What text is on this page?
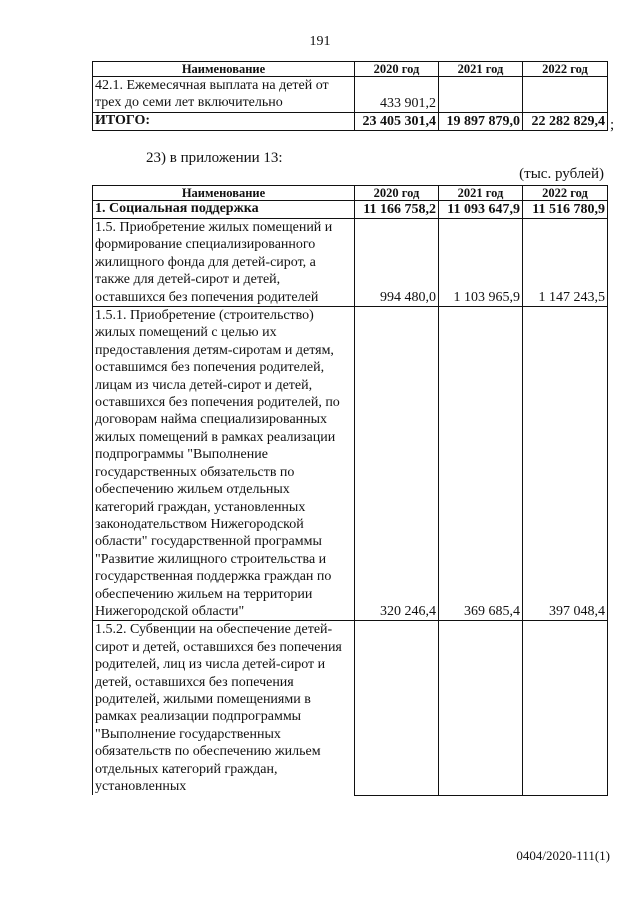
191
Наименование	2020 год	2021 год	2022 год
42.1. Ежемесячная выплата на детей от трех до семи лет включительно	433 901,2		
ИТОГО:	23 405 301,4	19 897 879,0	22 282 829,4 ;
23) в приложении 13:
(тыс. рублей)
Наименование	2020 год	2021 год	2022 год
1. Социальная поддержка	11 166 758,2	11 093 647,9	11 516 780,9
1.5. Приобретение жилых помещений и формирование специализированного жилищного фонда для детей-сирот, а также для детей-сирот и детей, оставшихся без попечения родителей	994 480,0	1 103 965,9	1 147 243,5
1.5.1. Приобретение (строительство) жилых помещений с целью их предоставления детям-сиротам и детям, оставшимся без попечения родителей, лицам из числа детей-сирот и детей, оставшихся без попечения родителей, по договорам найма специализированных жилых помещений в рамках реализации подпрограммы "Выполнение государственных обязательств по обеспечению жильем отдельных категорий граждан, установленных законодательством Нижегородской области" государственной программы "Развитие жилищного строительства и государственная поддержка граждан по обеспечению жильем на территории Нижегородской области"	320 246,4	369 685,4	397 048,4
1.5.2. Субвенции на обеспечение детей-сирот и детей, оставшихся без попечения родителей, лиц из числа детей-сирот и детей, оставшихся без попечения родителей, жилыми помещениями в рамках реализации подпрограммы "Выполнение государственных обязательств по обеспечению жильем отдельных категорий граждан, установленных			
0404/2020-111(1)
